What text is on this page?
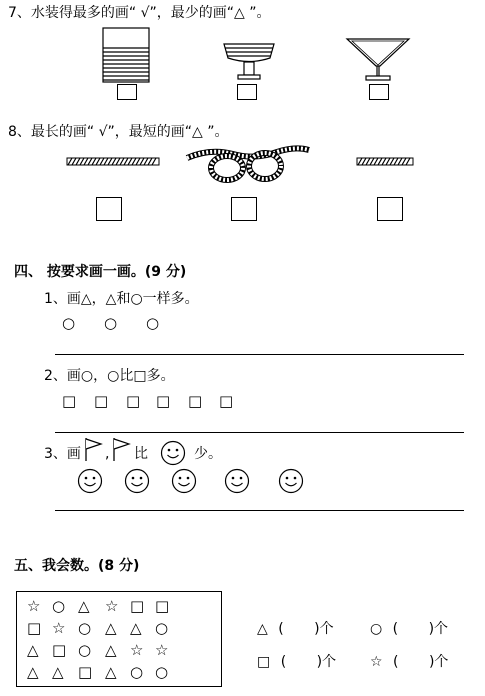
7、水装得最多的画“ √”，最少的画“△ ”。
8、最长的画“ √”，最短的画“△ ”。
四、 按要求画一画。(9 分)
1、画△，△和○一样多。
○ ○ ○
2、画○，○比□多。
□ □ □ □ □ □
3、画 , 比	少。
五、我会数。(8 分)
☆ ○ △ ☆ □ □
□ ☆ ○ △ △ ○
△ □ ○ △ ☆ ☆
△ △ □ △ ○ ○
△ ( )个	○ ( )个
□ ( )个 ☆ ( )个
